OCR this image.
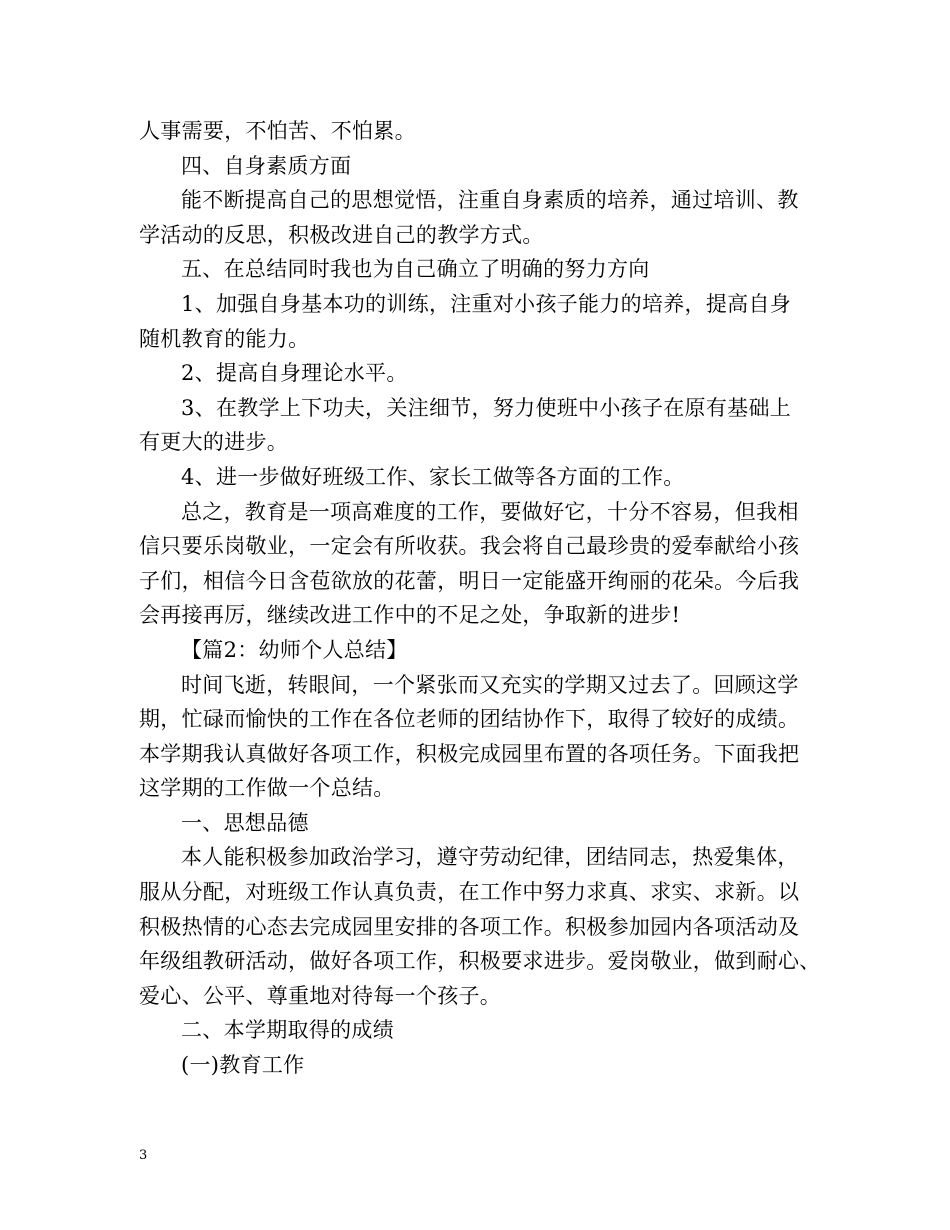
人事需要，不怕苦、不怕累。
四、自身素质方面
能不断提高自己的思想觉悟，注重自身素质的培养，通过培训、教
学活动的反思，积极改进自己的教学方式。
五、在总结同时我也为自己确立了明确的努力方向
1、加强自身基本功的训练，注重对小孩子能力的培养，提高自身
随机教育的能力。
2、提高自身理论水平。
3、在教学上下功夫，关注细节，努力使班中小孩子在原有基础上
有更大的进步。
4、进一步做好班级工作、家长工做等各方面的工作。
总之，教育是一项高难度的工作，要做好它，十分不容易，但我相
信只要乐岗敬业，一定会有所收获。我会将自己最珍贵的爱奉献给小孩
子们，相信今日含苞欲放的花蕾，明日一定能盛开绚丽的花朵。今后我
会再接再厉，继续改进工作中的不足之处，争取新的进步!
【篇2：幼师个人总结】
时间飞逝，转眼间，一个紧张而又充实的学期又过去了。回顾这学
期，忙碌而愉快的工作在各位老师的团结协作下，取得了较好的成绩。
本学期我认真做好各项工作，积极完成园里布置的各项任务。下面我把
这学期的工作做一个总结。
一、思想品德
本人能积极参加政治学习，遵守劳动纪律，团结同志，热爱集体，
服从分配，对班级工作认真负责，在工作中努力求真、求实、求新。以
积极热情的心态去完成园里安排的各项工作。积极参加园内各项活动及
年级组教研活动，做好各项工作，积极要求进步。爱岗敬业，做到耐心、
爱心、公平、尊重地对待每一个孩子。
二、本学期取得的成绩
(一)教育工作
3
